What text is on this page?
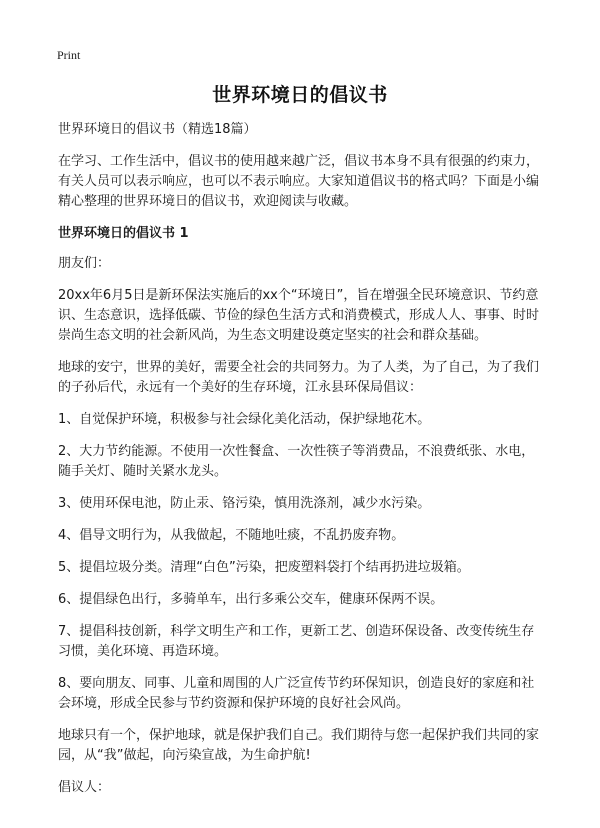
Print
世界环境日的倡议书

世界环境日的倡议书（精选18篇）

在学习、工作生活中，倡议书的使用越来越广泛，倡议书本身不具有很强的约束力，有关人员可以表示响应，也可以不表示响应。大家知道倡议书的格式吗？下面是小编精心整理的世界环境日的倡议书，欢迎阅读与收藏。

世界环境日的倡议书 1

朋友们：

20xx年6月5日是新环保法实施后的xx个“环境日”，旨在增强全民环境意识、节约意识、生态意识，选择低碳、节俭的绿色生活方式和消费模式，形成人人、事事、时时崇尚生态文明的社会新风尚，为生态文明建设奠定坚实的社会和群众基础。

地球的安宁，世界的美好，需要全社会的共同努力。为了人类，为了自己，为了我们的子孙后代，永远有一个美好的生存环境，江永县环保局倡议：

1、自觉保护环境，积极参与社会绿化美化活动，保护绿地花木。

2、大力节约能源。不使用一次性餐盒、一次性筷子等消费品，不浪费纸张、水电，随手关灯、随时关紧水龙头。

3、使用环保电池，防止汞、铬污染，慎用洗涤剂，减少水污染。

4、倡导文明行为，从我做起，不随地吐痰，不乱扔废弃物。

5、提倡垃圾分类。清理“白色”污染，把废塑料袋打个结再扔进垃圾箱。

6、提倡绿色出行，多骑单车，出行多乘公交车，健康环保两不误。

7、提倡科技创新，科学文明生产和工作，更新工艺、创造环保设备、改变传统生存习惯，美化环境、再造环境。

8、要向朋友、同事、儿童和周围的人广泛宣传节约环保知识，创造良好的家庭和社会环境，形成全民参与节约资源和保护环境的良好社会风尚。

地球只有一个，保护地球，就是保护我们自己。我们期待与您一起保护我们共同的家园，从“我”做起，向污染宣战，为生命护航!

倡议人：
